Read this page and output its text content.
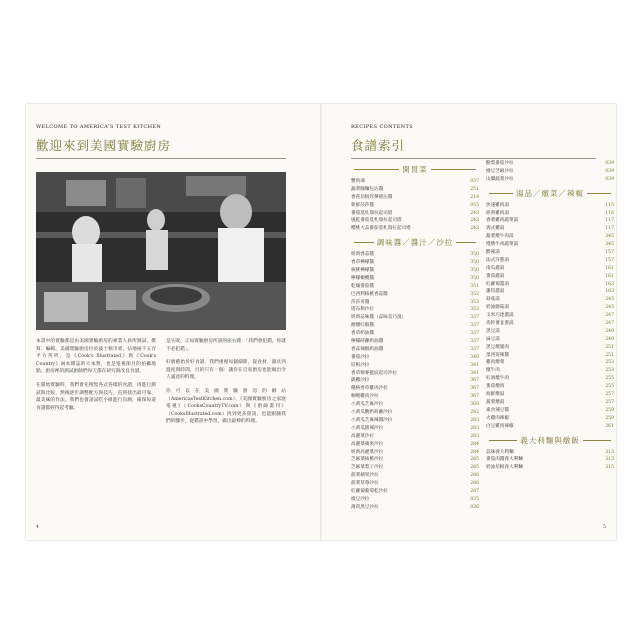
WELCOME TO AMERICA'S TEST KITCHEN
歡迎來到美國實驗廚房

本書中的實驗都是由美國實驗廚房的專業人員所測試、撰寫、編輯。美國實驗廚房位於波士頓市郊，佔地兩千五百平方英呎，是《Cook's Illustrated》與《Cook's Country》兩本雜誌的大本營，也是電視節目的拍攝地點，廚房裡的測試廚師們每天都在研究與改良食譜。

在開始實驗時，我們會先搜集各式各樣的食譜，再進行測試與比較，然後逐步調整配方與技巧，直到找出最可靠、最美味的作法。我們也會請試吃小組進行盲測，確保每道食譜都經得起考驗。

是失敗，正如實驗廚房所說的座右銘：「我們會犯錯，你就不必犯錯」。

好廚藝始於好食譜，我們重視每個細節，從食材、器具到溫度與時間，目的只有一個：讓你在自家廚房也能做出令人滿意的料理。

你可以在美國實驗廚房的網站（AmericasTestKitchen.com）、《美國實驗廚房之家庭電視》（CooksCountryTV.com）與《廚師畫刊》（CooksIllustrated.com）找到更多資訊，也能跟隨我們的腳步，從錯誤中學習，做出最棒的料理。

4
RECIPES CONTENTS
食譜索引
開胃菜
蟹肉凍	037
蔬菜腌麵包沾醬	251
香蕉培根炸彈捲沾醬	214
新鮮莎莎醬	055
番茄莫札瑞拉起司塔	243
風乾番茄莫札瑞拉起司塔	243
櫻桃大蒜番茄莫札瑞拉起司塔	243
調味醬／醬汁／沙拉
經典香蒜醬	350
香草檸檬醬	350
核桃檸檬醬	350
檸檬橄欖醬	350
乾燥番茄醬	351
巴西利核桃香蒜醬	352
莎莎青醬	353
塔布勒沙拉	353
經典蒜味醬（蒜味美乃滋）	337
煙燻紅椒醬	337
香草奶油醬	337
檸檬蒔蘿奶油醬	337
香蒜辣椒奶油醬	337
番茄沙拉	340
培根沙拉	341
香草藜麥藍紋起司沙拉	341
凱撒沙拉	367
優格香草雞肉沙拉	367
咖哩雞肉沙拉	367
小黃瓜芝麻沙拉	369
小黃瓜酸奶蒔蘿沙拉	282
小黃瓜芝麻辣醬沙拉	283
小黃瓜甜辣沙拉	283
高麗菜沙拉	283
高麗菜蘋果沙拉	284
經典高麗菜沙拉	284
芝麻菜核桃沙拉	285
芝麻菜梨子沙拉	285
菠菜蘋果沙拉	286
菠菜草莓沙拉	286
紅蘿蔔葡萄乾沙拉	287
綠豆沙拉	035
薄荷黑豆沙拉	036
酪梨番茄沙拉	039
綠豆芝麻沙拉	039
山藥蔬菜沙拉	039
湯品／燉菜／辣椒
快速雞肉湯	115
經典雞肉湯	116
香菜雞肉蔬菜湯	117
義式雞湯	117
蔬菜燉牛肉湯	345
慢燉牛肉蔬菜湯	345
酸辣湯	157
法式洋蔥湯	157
南瓜濃湯	161
番茄濃湯	161
紅蘿蔔薑湯	163
蘆筍濃湯	163
菇菇湯	245
奶油蘑菇湯	245
玉米巧達濃湯	247
馬鈴薯韭蔥湯	247
黑豆湯	249
扁豆湯	249
黑豆燉豬肉	251
墨西哥辣醬	251
雞肉燉菜	253
燉牛肉	253
紅酒燉牛肉	255
番茄燉肉	255
海鮮燉湯	257
蔬菜燉湯	257
素食辣豆醬	259
火雞肉辣椒	259
白豆雞肉辣椒	261
義大利麵與燉飯
蒜味義大利麵	313
番茄肉醬義大利麵	313
奶油培根義大利麵	315
5
